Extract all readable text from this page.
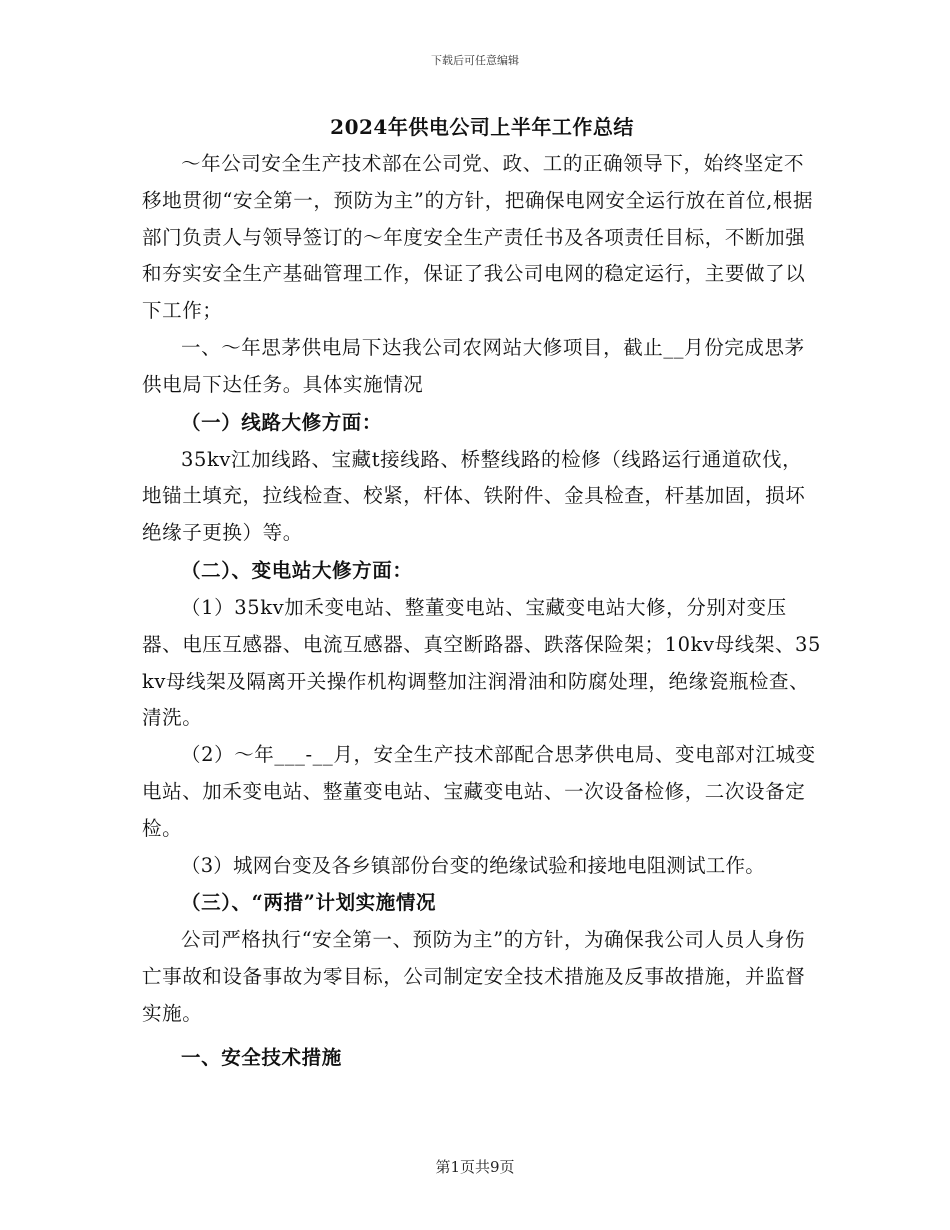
下载后可任意编辑

2024年供电公司上半年工作总结

～年公司安全生产技术部在公司党、政、工的正确领导下，始终坚定不移地贯彻“安全第一，预防为主”的方针，把确保电网安全运行放在首位,根据部门负责人与领导签订的～年度安全生产责任书及各项责任目标，不断加强和夯实安全生产基础管理工作，保证了我公司电网的稳定运行，主要做了以下工作；

一、～年思茅供电局下达我公司农网站大修项目，截止__月份完成思茅供电局下达任务。具体实施情况

（一）线路大修方面：

35kv江加线路、宝藏t接线路、桥整线路的检修（线路运行通道砍伐，地锚土填充，拉线检查、校紧，杆体、铁附件、金具检查，杆基加固，损坏绝缘子更换）等。

（二）、变电站大修方面：

（1）35kv加禾变电站、整董变电站、宝藏变电站大修，分别对变压器、电压互感器、电流互感器、真空断路器、跌落保险架；10kv母线架、35kv母线架及隔离开关操作机构调整加注润滑油和防腐处理，绝缘瓷瓶检查、清洗。

（2）～年___-__月，安全生产技术部配合思茅供电局、变电部对江城变电站、加禾变电站、整董变电站、宝藏变电站、一次设备检修，二次设备定检。

（3）城网台变及各乡镇部份台变的绝缘试验和接地电阻测试工作。

（三）、“两措”计划实施情况

公司严格执行“安全第一、预防为主”的方针，为确保我公司人员人身伤亡事故和设备事故为零目标，公司制定安全技术措施及反事故措施，并监督实施。

一、安全技术措施

第1页共9页
